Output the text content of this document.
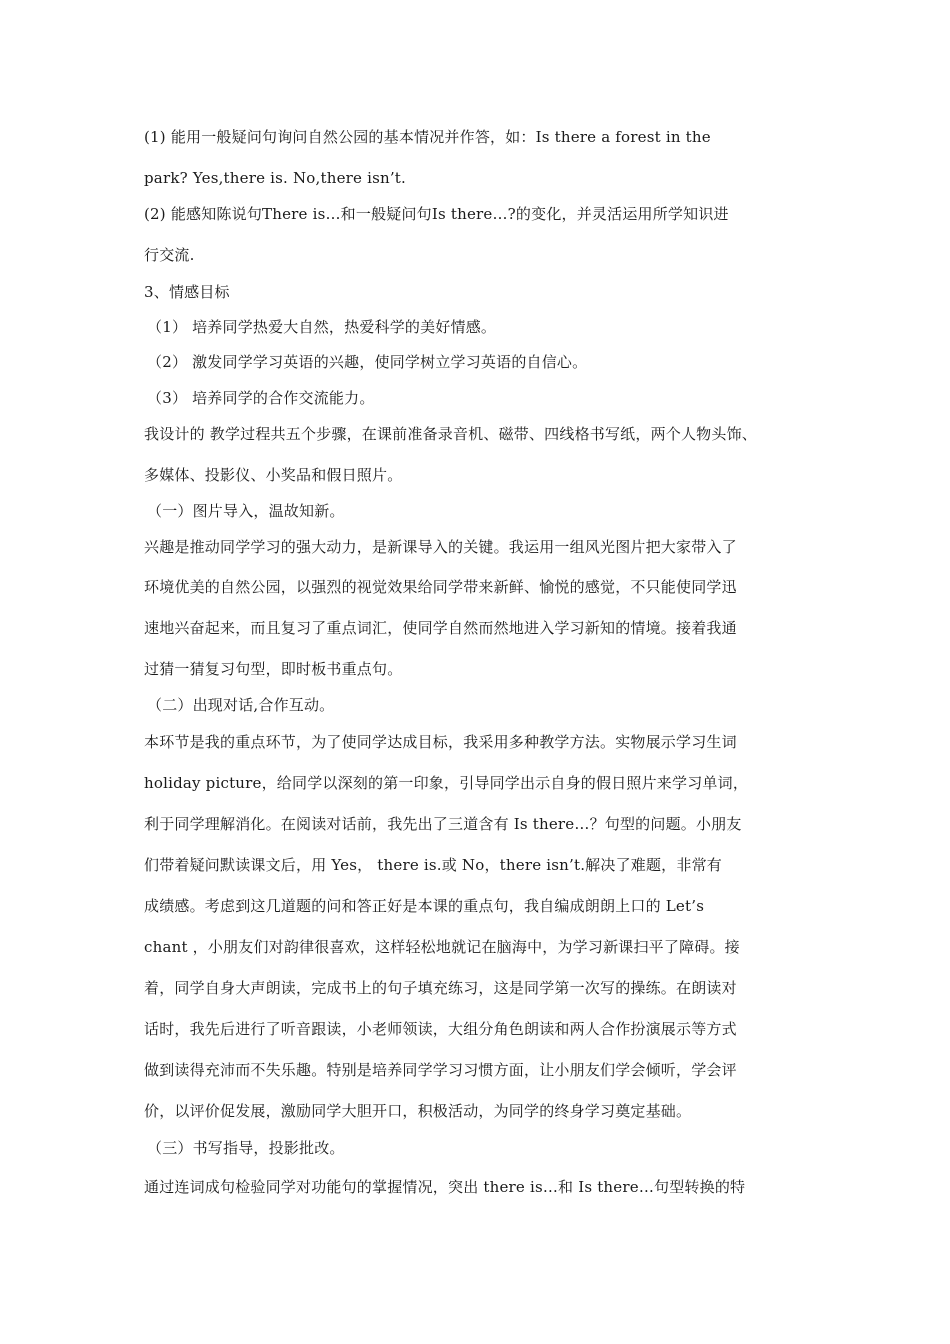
(1) 能用一般疑问句询问自然公园的基本情况并作答，如：Is there a forest in the
park? Yes,there is. No,there isn’t.
(2) 能感知陈说句There is…和一般疑问句Is there…?的变化，并灵活运用所学知识进
行交流.
3、情感目标
（1） 培养同学热爱大自然，热爱科学的美好情感。
（2） 激发同学学习英语的兴趣，使同学树立学习英语的自信心。
（3） 培养同学的合作交流能力。
我设计的 教学过程共五个步骤，在课前准备录音机、磁带、四线格书写纸，两个人物头饰、
多媒体、投影仪、小奖品和假日照片。
（一）图片导入，温故知新。
兴趣是推动同学学习的强大动力，是新课导入的关键。我运用一组风光图片把大家带入了
环境优美的自然公园，以强烈的视觉效果给同学带来新鲜、愉悦的感觉，不只能使同学迅
速地兴奋起来，而且复习了重点词汇，使同学自然而然地进入学习新知的情境。接着我通
过猜一猜复习句型，即时板书重点句。
（二）出现对话,合作互动。
本环节是我的重点环节，为了使同学达成目标，我采用多种教学方法。实物展示学习生词
holiday picture，给同学以深刻的第一印象，引导同学出示自身的假日照片来学习单词，
利于同学理解消化。在阅读对话前，我先出了三道含有 Is there…？句型的问题。小朋友
们带着疑问默读课文后，用 Yes， there is.或 No，there isn’t.解决了难题，非常有
成绩感。考虑到这几道题的问和答正好是本课的重点句，我自编成朗朗上口的 Let’s
chant ，小朋友们对韵律很喜欢，这样轻松地就记在脑海中，为学习新课扫平了障碍。接
着，同学自身大声朗读，完成书上的句子填充练习，这是同学第一次写的操练。在朗读对
话时，我先后进行了听音跟读，小老师领读，大组分角色朗读和两人合作扮演展示等方式
做到读得充沛而不失乐趣。特别是培养同学学习习惯方面，让小朋友们学会倾听，学会评
价，以评价促发展，激励同学大胆开口，积极活动，为同学的终身学习奠定基础。
（三）书写指导，投影批改。
通过连词成句检验同学对功能句的掌握情况，突出 there is…和 Is there…句型转换的特
